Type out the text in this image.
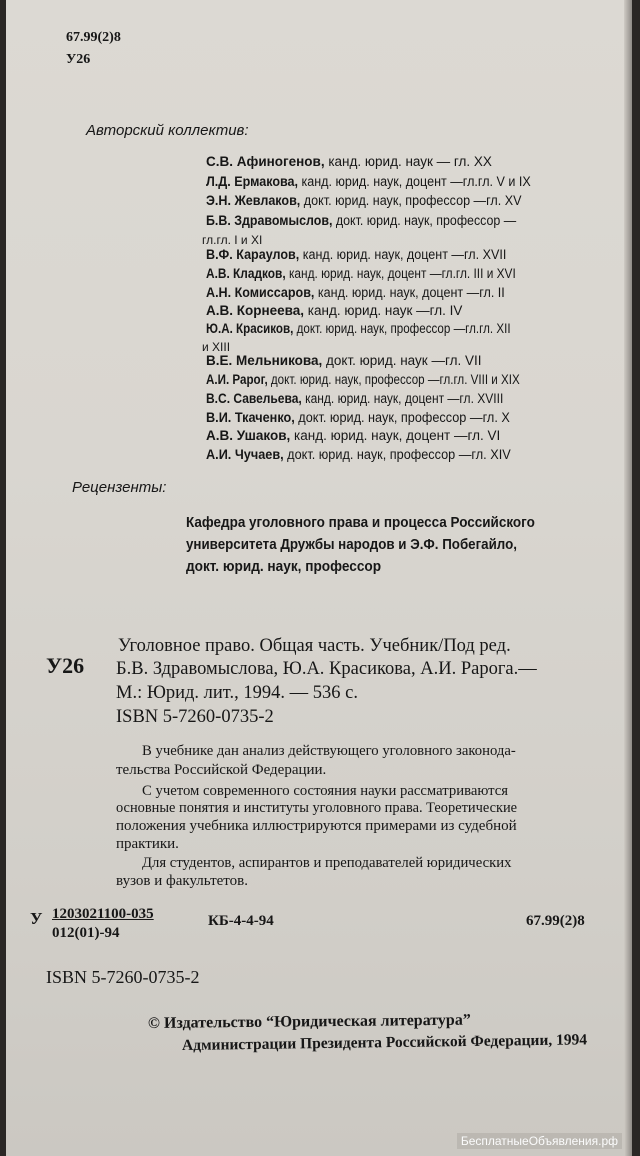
67.99(2)8
У26
Авторский коллектив:
С.В. Афиногенов, канд. юрид. наук — гл. XX
Л.Д. Ермакова, канд. юрид. наук, доцент —гл.гл. V и IX
Э.Н. Жевлаков, докт. юрид. наук, профессор —гл. XV
Б.В. Здравомыслов, докт. юрид. наук, профессор —
гл.гл. I и XI
В.Ф. Караулов, канд. юрид. наук, доцент —гл. XVII
А.В. Кладков, канд. юрид. наук, доцент —гл.гл. III и XVI
А.Н. Комиссаров, канд. юрид. наук, доцент —гл. II
А.В. Корнеева, канд. юрид. наук —гл. IV
Ю.А. Красиков, докт. юрид. наук, профессор —гл.гл. XII
и XIII
В.Е. Мельникова, докт. юрид. наук —гл. VII
А.И. Рарог, докт. юрид. наук, профессор —гл.гл. VIII и XIX
В.С. Савельева, канд. юрид. наук, доцент —гл. XVIII
В.И. Ткаченко, докт. юрид. наук, профессор —гл. X
А.В. Ушаков, канд. юрид. наук, доцент —гл. VI
А.И. Чучаев, докт. юрид. наук, профессор —гл. XIV
Рецензенты:
Кафедра уголовного права и процесса Российского
университета Дружбы народов и Э.Ф. Побегайло,
докт. юрид. наук, профессор
У26
Уголовное право. Общая часть. Учебник/Под ред.
Б.В. Здравомыслова, Ю.А. Красикова, А.И. Рарога.—
М.: Юрид. лит., 1994. — 536 с.
ISBN 5-7260-0735-2
В учебнике дан анализ действующего уголовного законода-
тельства Российской Федерации.
С учетом современного состояния науки рассматриваются
основные понятия и институты уголовного права. Теоретические
положения учебника иллюстрируются примерами из судебной
практики.
Для студентов, аспирантов и преподавателей юридических
вузов и факультетов.
У 1203021100-035
012(01)-94
КБ-4-4-94	67.99(2)8
ISBN 5-7260-0735-2
© Издательство “Юридическая литература”
Администрации Президента Российской Федерации, 1994
БесплатныеОбъявления.рф
